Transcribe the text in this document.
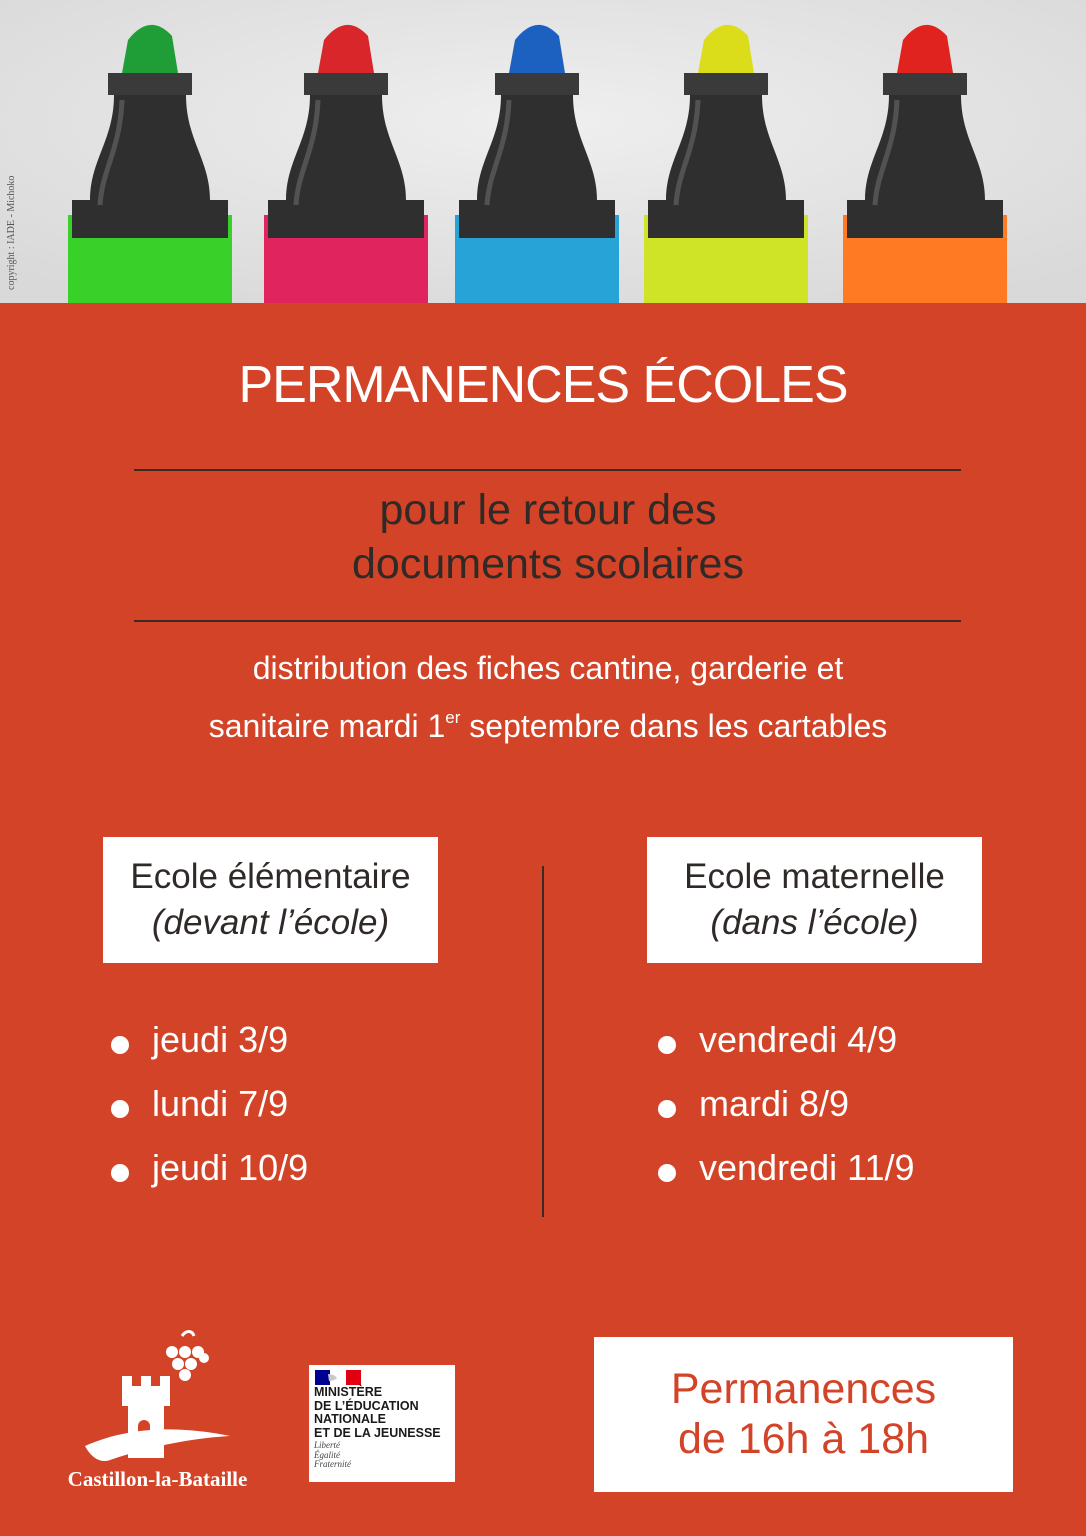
copyright : IADE - Michoko
PERMANENCES ÉCOLES
pour le retour des
documents scolaires
distribution des fiches cantine, garderie et
sanitaire mardi 1er septembre dans les cartables
Ecole élémentaire
(devant l’école)
Ecole maternelle
(dans l’école)
jeudi 3/9
lundi 7/9
jeudi 10/9
vendredi 4/9
mardi 8/9
vendredi 11/9
Castillon-la-Bataille
MINISTÈRE
DE L’ÉDUCATION
NATIONALE
ET DE LA JEUNESSE
Liberté
Égalité
Fraternité
Permanences
de 16h à 18h
